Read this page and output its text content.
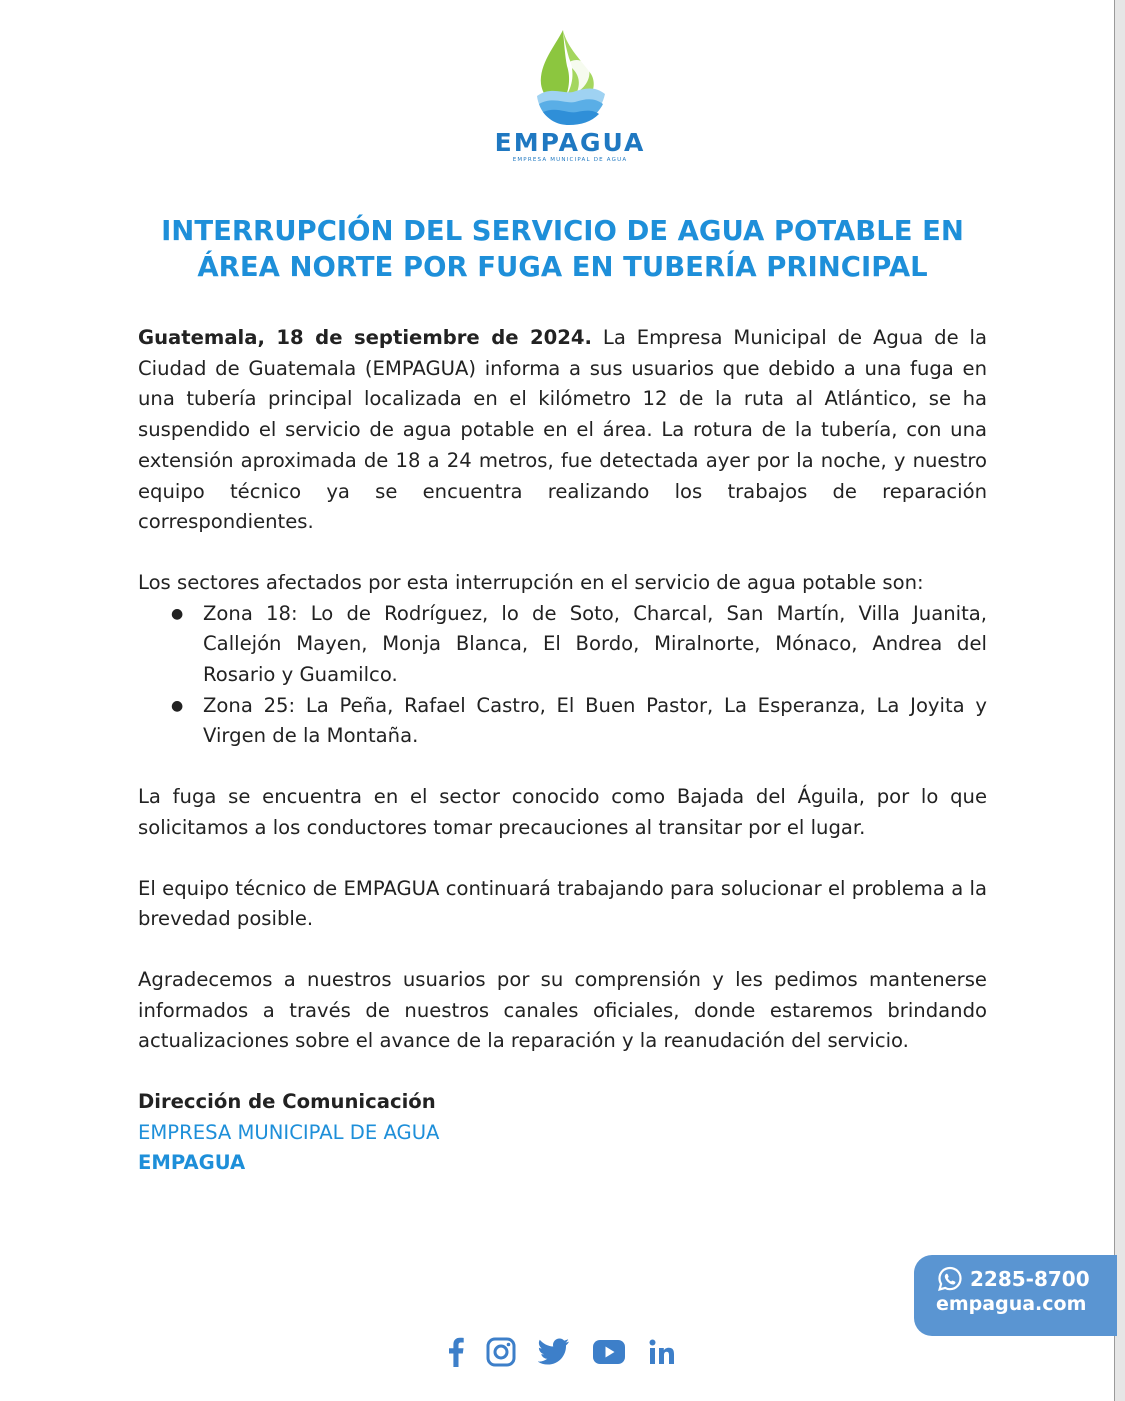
EMPAGUA
EMPRESA MUNICIPAL DE AGUA
INTERRUPCIÓN DEL SERVICIO DE AGUA POTABLE EN
ÁREA NORTE POR FUGA EN TUBERÍA PRINCIPAL

Guatemala, 18 de septiembre de 2024. La Empresa Municipal de Agua de la Ciudad de Guatemala (EMPAGUA) informa a sus usuarios que debido a una fuga en una tubería principal localizada en el kilómetro 12 de la ruta al Atlántico, se ha suspendido el servicio de agua potable en el área. La rotura de la tubería, con una extensión aproximada de 18 a 24 metros, fue detectada ayer por la noche, y nuestro equipo técnico ya se encuentra realizando los trabajos de reparación correspondientes.

Los sectores afectados por esta interrupción en el servicio de agua potable son:

● Zona 18: Lo de Rodríguez, lo de Soto, Charcal, San Martín, Villa Juanita, Callejón Mayen, Monja Blanca, El Bordo, Miralnorte, Mónaco, Andrea del Rosario y Guamilco.
● Zona 25: La Peña, Rafael Castro, El Buen Pastor, La Esperanza, La Joyita y Virgen de la Montaña.

La fuga se encuentra en el sector conocido como Bajada del Águila, por lo que solicitamos a los conductores tomar precauciones al transitar por el lugar.

El equipo técnico de EMPAGUA continuará trabajando para solucionar el problema a la brevedad posible.

Agradecemos a nuestros usuarios por su comprensión y les pedimos mantenerse informados a través de nuestros canales oficiales, donde estaremos brindando actualizaciones sobre el avance de la reparación y la reanudación del servicio.

Dirección de Comunicación
EMPRESA MUNICIPAL DE AGUA
EMPAGUA
2285-8700
empagua.com
